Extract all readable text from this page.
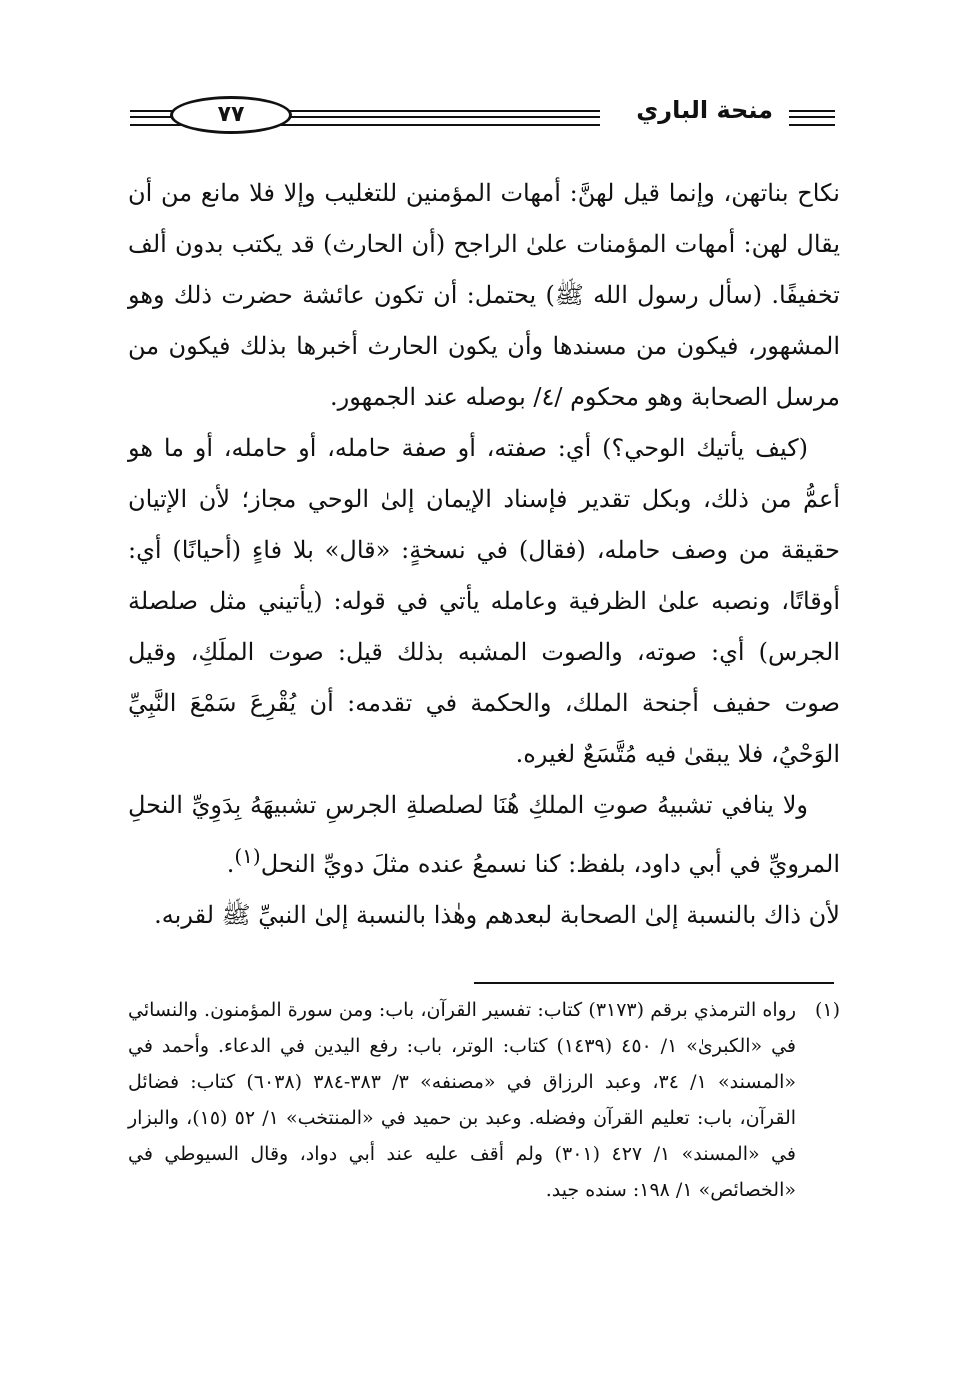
منحة الباري
٧٧

نكاح بناتهن، وإنما قيل لهنَّ: أمهات المؤمنين للتغليب وإلا فلا مانع من أن يقال لهن: أمهات المؤمنات علىٰ الراجح (أن الحارث) قد يكتب بدون ألف تخفيفًا. (سأل رسول الله ﷺ) يحتمل: أن تكون عائشة حضرت ذلك وهو المشهور، فيكون من مسندها وأن يكون الحارث أخبرها بذلك فيكون من مرسل الصحابة وهو محكوم /٤/ بوصله عند الجمهور.

(كيف يأتيك الوحي؟) أي: صفته، أو صفة حامله، أو حامله، أو ما هو أعمُّ من ذلك، وبكل تقدير فإسناد الإيمان إلىٰ الوحي مجاز؛ لأن الإتيان حقيقة من وصف حامله، (فقال) في نسخةٍ: «قال» بلا فاءٍ (أحيانًا) أي: أوقاتًا، ونصبه علىٰ الظرفية وعامله يأتي في قوله: (يأتيني مثل صلصلة الجرس) أي: صوته، والصوت المشبه بذلك قيل: صوت الملَكِ، وقيل صوت حفيف أجنحة الملك، والحكمة في تقدمه: أن يُقْرِعَ سَمْعَ النَّبِيِّ الوَحْيُ، فلا يبقىٰ فيه مُتَّسَعٌ لغيره.

ولا ينافي تشبيهُ صوتِ الملكِ هُنَا لصلصلةِ الجرسِ تشبيهَهُ بِدَوِيِّ النحلِ المرويِّ في أبي داود، بلفظ: كنا نسمعُ عنده مثلَ دويِّ النحل$^{(١)}$.

لأن ذاك بالنسبة إلىٰ الصحابة لبعدهم وهٰذا بالنسبة إلىٰ النبيِّ ﷺ لقربه.

(١)رواه الترمذي برقم (٣١٧٣) كتاب: تفسير القرآن، باب: ومن سورة المؤمنون. والنسائي في «الكبرىٰ» ١/ ٤٥٠ (١٤٣٩) كتاب: الوتر، باب: رفع اليدين في الدعاء. وأحمد في «المسند» ١/ ٣٤، وعبد الرزاق في «مصنفه» ٣/ ٣٨٣-٣٨٤ (٦٠٣٨) كتاب: فضائل القرآن، باب: تعليم القرآن وفضله. وعبد بن حميد في «المنتخب» ١/ ٥٢ (١٥)، والبزار في «المسند» ١/ ٤٢٧ (٣٠١) ولم أقف عليه عند أبي دواد، وقال السيوطي في «الخصائص» ١/ ١٩٨: سنده جيد.
